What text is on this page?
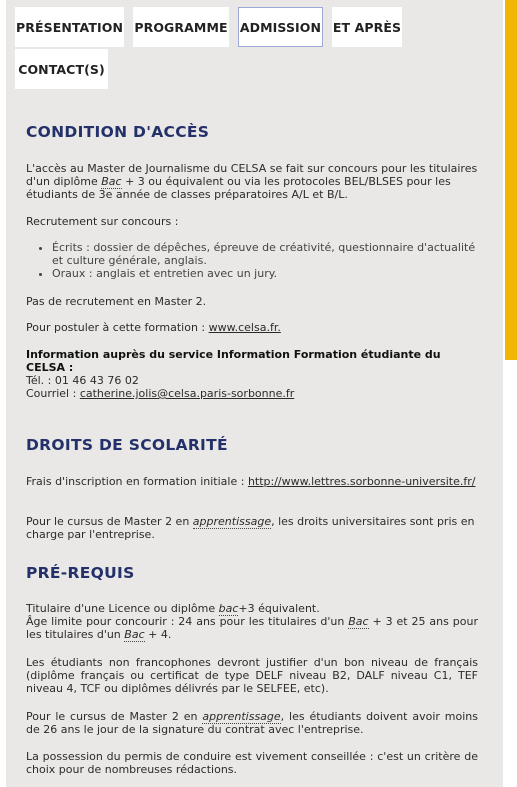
PRÉSENTATION PROGRAMME ADMISSION ET APRÈS
CONTACT(S)
CONDITION D'ACCÈS

L'accès au Master de Journalisme du CELSA se fait sur concours pour les titulaires d'un diplôme Bac + 3 ou équivalent ou via les protocoles BEL/BLSES pour les étudiants de 3e année de classes préparatoires A/L et B/L.

Recrutement sur concours :

• Écrits : dossier de dépêches, épreuve de créativité, questionnaire d'actualité et culture générale, anglais.
• Oraux : anglais et entretien avec un jury.

Pas de recrutement en Master 2.

Pour postuler à cette formation : www.celsa.fr.

Information auprès du service Information Formation étudiante du CELSA :

Tél. : 01 46 43 76 02

Courriel : catherine.jolis@celsa.paris-sorbonne.fr

DROITS DE SCOLARITÉ

Frais d'inscription en formation initiale : http://www.lettres.sorbonne-universite.fr/

Pour le cursus de Master 2 en apprentissage, les droits universitaires sont pris en charge par l'entreprise.

PRÉ-REQUIS

Titulaire d'une Licence ou diplôme bac+3 équivalent.

Âge limite pour concourir : 24 ans pour les titulaires d'un Bac + 3 et 25 ans pour les titulaires d'un Bac + 4.

Les étudiants non francophones devront justifier d'un bon niveau de français (diplôme français ou certificat de type DELF niveau B2, DALF niveau C1, TEF niveau 4, TCF ou diplômes délivrés par le SELFEE, etc).

Pour le cursus de Master 2 en apprentissage, les étudiants doivent avoir moins de 26 ans le jour de la signature du contrat avec l'entreprise.

La possession du permis de conduire est vivement conseillée : c'est un critère de choix pour de nombreuses rédactions.
